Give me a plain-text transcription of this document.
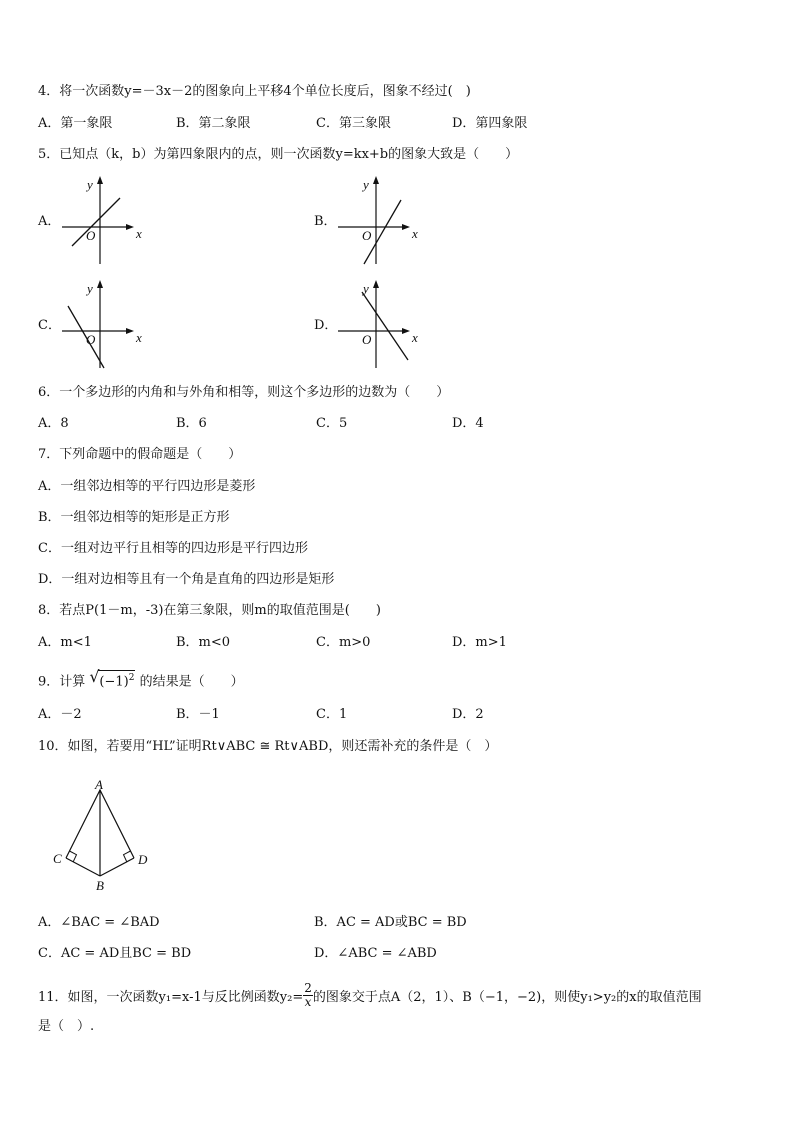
4．将一次函数y=－3x－2的图象向上平移4个单位长度后，图象不经过(　)
A．第一象限	B．第二象限	C．第三象限	D．第四象限
5．已知点（k，b）为第四象限内的点，则一次函数y=kx+b的图象大致是（　　）
A．
y
x
O
B．
y
x
O
C．
y
x
O
D．
y
x
O
6．一个多边形的内角和与外角和相等，则这个多边形的边数为（　　）
A．8	B．6	C．5	D．4
7．下列命题中的假命题是（　　）
A．一组邻边相等的平行四边形是菱形
B．一组邻边相等的矩形是正方形
C．一组对边平行且相等的四边形是平行四边形
D．一组对边相等且有一个角是直角的四边形是矩形
8．若点P(1－m，-3)在第三象限，则m的取值范围是(　　)
A．m<1	B．m<0	C．m>0	D．m>1
9．计算 √ $(-1)^2$ 的结果是（　　）
A．－2	B．－1	C．1	D．2
10．如图，若要用“HL”证明Rt∨ABC ≅ Rt∨ABD，则还需补充的条件是（　）
A
C
B
D
A．∠BAC = ∠BAD	B．AC = AD或BC = BD
C．AC = AD且BC = BD	D．∠ABC = ∠ABD
11．如图，一次函数y₁=x-1与反比例函数$y_2= \frac{2}{x}$ 的图象交于点A（2，1）、B（−1，−2)，则使y₁>y₂的x的取值范围
是（　）.
